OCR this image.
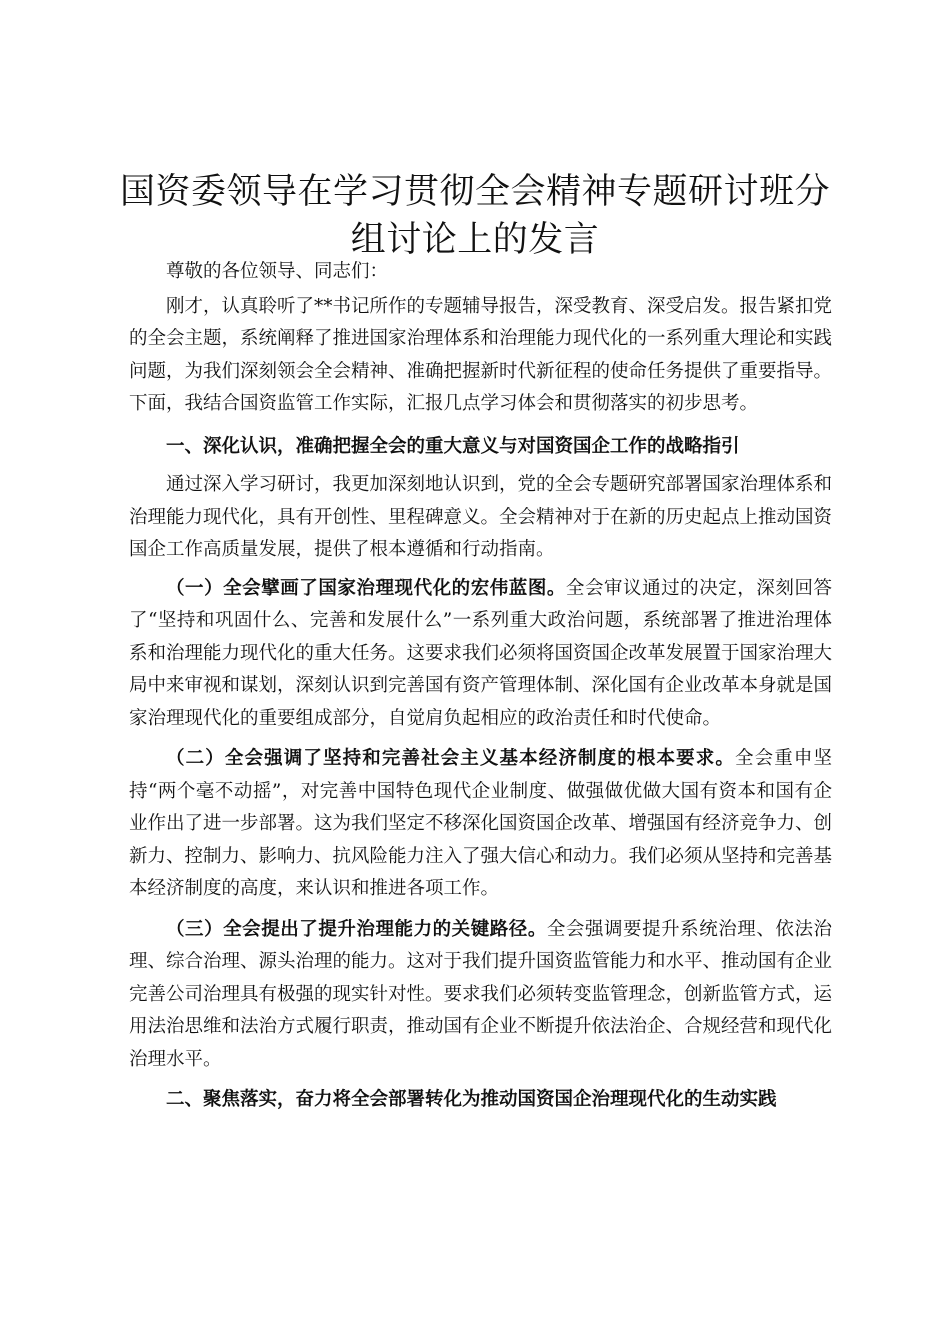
国资委领导在学习贯彻全会精神专题研讨班分组讨论上的发言

尊敬的各位领导、同志们：

刚才，认真聆听了**书记所作的专题辅导报告，深受教育、深受启发。报告紧扣党的全会主题，系统阐释了推进国家治理体系和治理能力现代化的一系列重大理论和实践问题，为我们深刻领会全会精神、准确把握新时代新征程的使命任务提供了重要指导。下面，我结合国资监管工作实际，汇报几点学习体会和贯彻落实的初步思考。

一、深化认识，准确把握全会的重大意义与对国资国企工作的战略指引

通过深入学习研讨，我更加深刻地认识到，党的全会专题研究部署国家治理体系和治理能力现代化，具有开创性、里程碑意义。全会精神对于在新的历史起点上推动国资国企工作高质量发展，提供了根本遵循和行动指南。

（一）全会擘画了国家治理现代化的宏伟蓝图。全会审议通过的决定，深刻回答了“坚持和巩固什么、完善和发展什么”一系列重大政治问题，系统部署了推进治理体系和治理能力现代化的重大任务。这要求我们必须将国资国企改革发展置于国家治理大局中来审视和谋划，深刻认识到完善国有资产管理体制、深化国有企业改革本身就是国家治理现代化的重要组成部分，自觉肩负起相应的政治责任和时代使命。

（二）全会强调了坚持和完善社会主义基本经济制度的根本要求。全会重申坚持“两个毫不动摇”，对完善中国特色现代企业制度、做强做优做大国有资本和国有企业作出了进一步部署。这为我们坚定不移深化国资国企改革、增强国有经济竞争力、创新力、控制力、影响力、抗风险能力注入了强大信心和动力。我们必须从坚持和完善基本经济制度的高度，来认识和推进各项工作。

（三）全会提出了提升治理能力的关键路径。全会强调要提升系统治理、依法治理、综合治理、源头治理的能力。这对于我们提升国资监管能力和水平、推动国有企业完善公司治理具有极强的现实针对性。要求我们必须转变监管理念，创新监管方式，运用法治思维和法治方式履行职责，推动国有企业不断提升依法治企、合规经营和现代化治理水平。

二、聚焦落实，奋力将全会部署转化为推动国资国企治理现代化的生动实践
